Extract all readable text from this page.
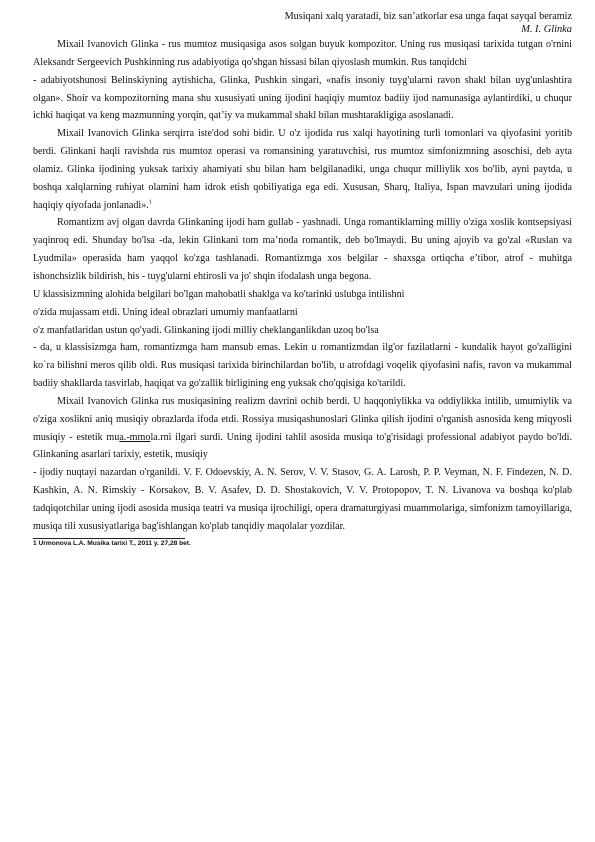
Musiqani xalq yaratadi, biz san’atkorlar esa unga faqat sayqal beramiz
M. I. Glinka

Mixail Ivanovich Glinka - rus mumtoz musiqasiga asos solgan buyuk kompozitor. Uning rus musiqasi tarixida tutgan o'rnini Aleksandr Sergeevich Pushkinning rus adabiyotiga qo'shgan hissasi bilan qiyoslash mumkin. Rus tanqidchi

- adabiyotshunosi Belinskiyning aytishicha, Glinka, Pushkin singari, «nafis insoniy tuyg'ularni ravon shakl bilan uyg'unlashtira olgan». Shoir va kompozitorning mana shu xususiyati uning ijodini haqiqiy mumtoz badiiy ijod namunasiga aylantirdiki, u chuqur ichki haqiqat va keng mazmunning yorqin, qat’iy va mukammal shakl bilan mushtarakligiga asoslanadi.

Mixail Ivanovich Glinka serqirra iste'dod sohi bidir. U o'z ijodida rus xalqi hayotining turli tomonlari va qiyofasini yoritib berdi. Glinkani haqli ravishda rus mumtoz operasi va romansining yaratuvchisi, rus mumtoz simfonizmning asoschisi, deb ayta olamiz. Glinka ijodining yuksak tarixiy ahamiyati shu bilan ham belgilanadiki, unga chuqur milliylik xos bo'lib, ayni paytda, u boshqa xalqlarning ruhiyat olamini ham idrok etish qobiliyatiga ega edi. Xususan, Sharq, Italiya, Ispan mavzulari uning ijodida haqiqiy qiyofada jonlanadi».$^1$

Romantizm avj olgan davrda Glinkaning ijodi ham gullab - yashnadi. Unga romantiklarning milliy o'ziga xoslik kontsepsiyasi yaqinroq edi. Shunday bo'lsa -da, lekin Glinkani tom ma’noda romantik, deb bo'lmaydi. Bu uning ajoyib va go'zal «Ruslan va Lyudmila» operasida ham yaqqol ko'zga tashlanadi. Romantizmga xos belgilar - shaxsga ortiqcha e’tibor, atrof - muhitga ishonchsizlik bildirish, his - tuyg'ularni ehtirosli va jo' shqin ifodalash unga begona.

U klassisizmning alohida belgilari bo'lgan mahobatli shaklga va ko'tarinki uslubga intilishni

o'zida mujassam etdi. Uning ideal obrazlari umumiy manfaatlarni

o'z manfatlaridan ustun qo'yadi. Glinkaning ijodi milliy cheklanganlikdan uzoq bo'lsa

- da, u klassisizmga ham, romantizmga ham mansub emas. Lekin u romantizmdan ilg'or fazilatlarni - kundalik hayot go'zalligini ko`ra bilishni meros qilib oldi. Rus musiqasi tarixida birinchilardan bo'lib, u atrofdagi voqelik qiyofasini nafis, ravon va mukammal badiiy shakllarda tasvirlab, haqiqat va go'zallik birligining eng yuksak cho'qqisiga ko'tarildi.

Mixail Ivanovich Glinka rus musiqasining realizm davrini ochib berdi. U haqqoniylikka va oddiylikka intilib, umumiylik va o'ziga xoslikni aniq musiqiy obrazlarda ifoda etdi. Rossiya musiqashunoslari Glinka qilish ijodini o'rganish asnosida keng miqyosli musiqiy - estetik mua.-mmola.rni ilgari surdi. Uning ijodini tahlil asosida musiqa to'g'risidagi professional adabiyot paydo bo'ldi. Glinkaning asarlari tarixiy, estetik, musiqiy

- ijodiy nuqtayi nazardan o'rganildi. V. F. Odoevskiy, A. N. Serov, V. V. Stasov, G. A. Larosh, P. P. Veyman, N. F. Findezen, N. D. Kashkin, A. N. Rimskiy - Korsakov, B. V. Asafev, D. D. Shostakovich, V. V. Protopopov, T. N. Livanova va boshqa ko'plab tadqiqotchilar uning ijodi asosida musiqa teatri va musiqa ijrochiligi, opera dramaturgiyasi muammolariga, simfonizm tamoyillariga, musiqa tili xususiyatlariga bag'ishlangan ko'plab tanqidiy maqolalar yozdilar.

1 Urmonova L.A. Musika tarixi T., 2011 y. 27,28 bet.
